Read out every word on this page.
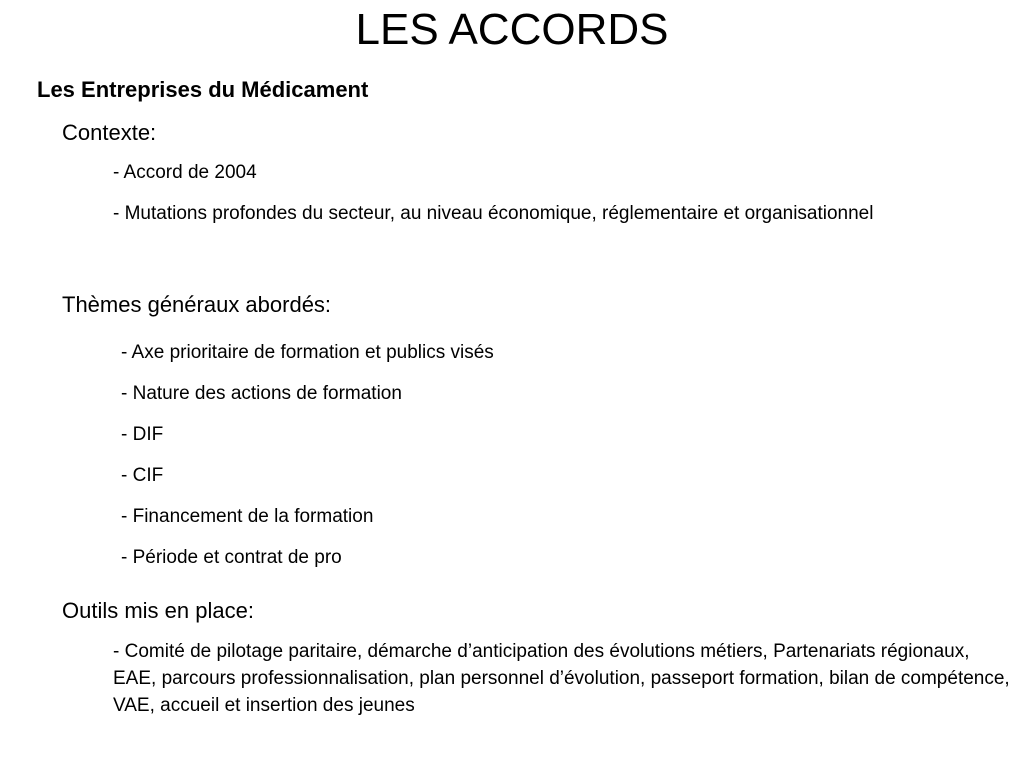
LES ACCORDS
Les Entreprises du Médicament
Contexte:
- Accord de 2004
- Mutations profondes du secteur, au niveau économique, réglementaire et organisationnel
Thèmes généraux abordés:
- Axe prioritaire de formation et publics visés
- Nature des actions de formation
- DIF
- CIF
- Financement de la formation
- Période et contrat de pro
Outils mis en place:
- Comité de pilotage paritaire, démarche d’anticipation des évolutions métiers, Partenariats régionaux, EAE, parcours professionnalisation, plan personnel d’évolution, passeport formation, bilan de compétence, VAE, accueil et insertion des jeunes
